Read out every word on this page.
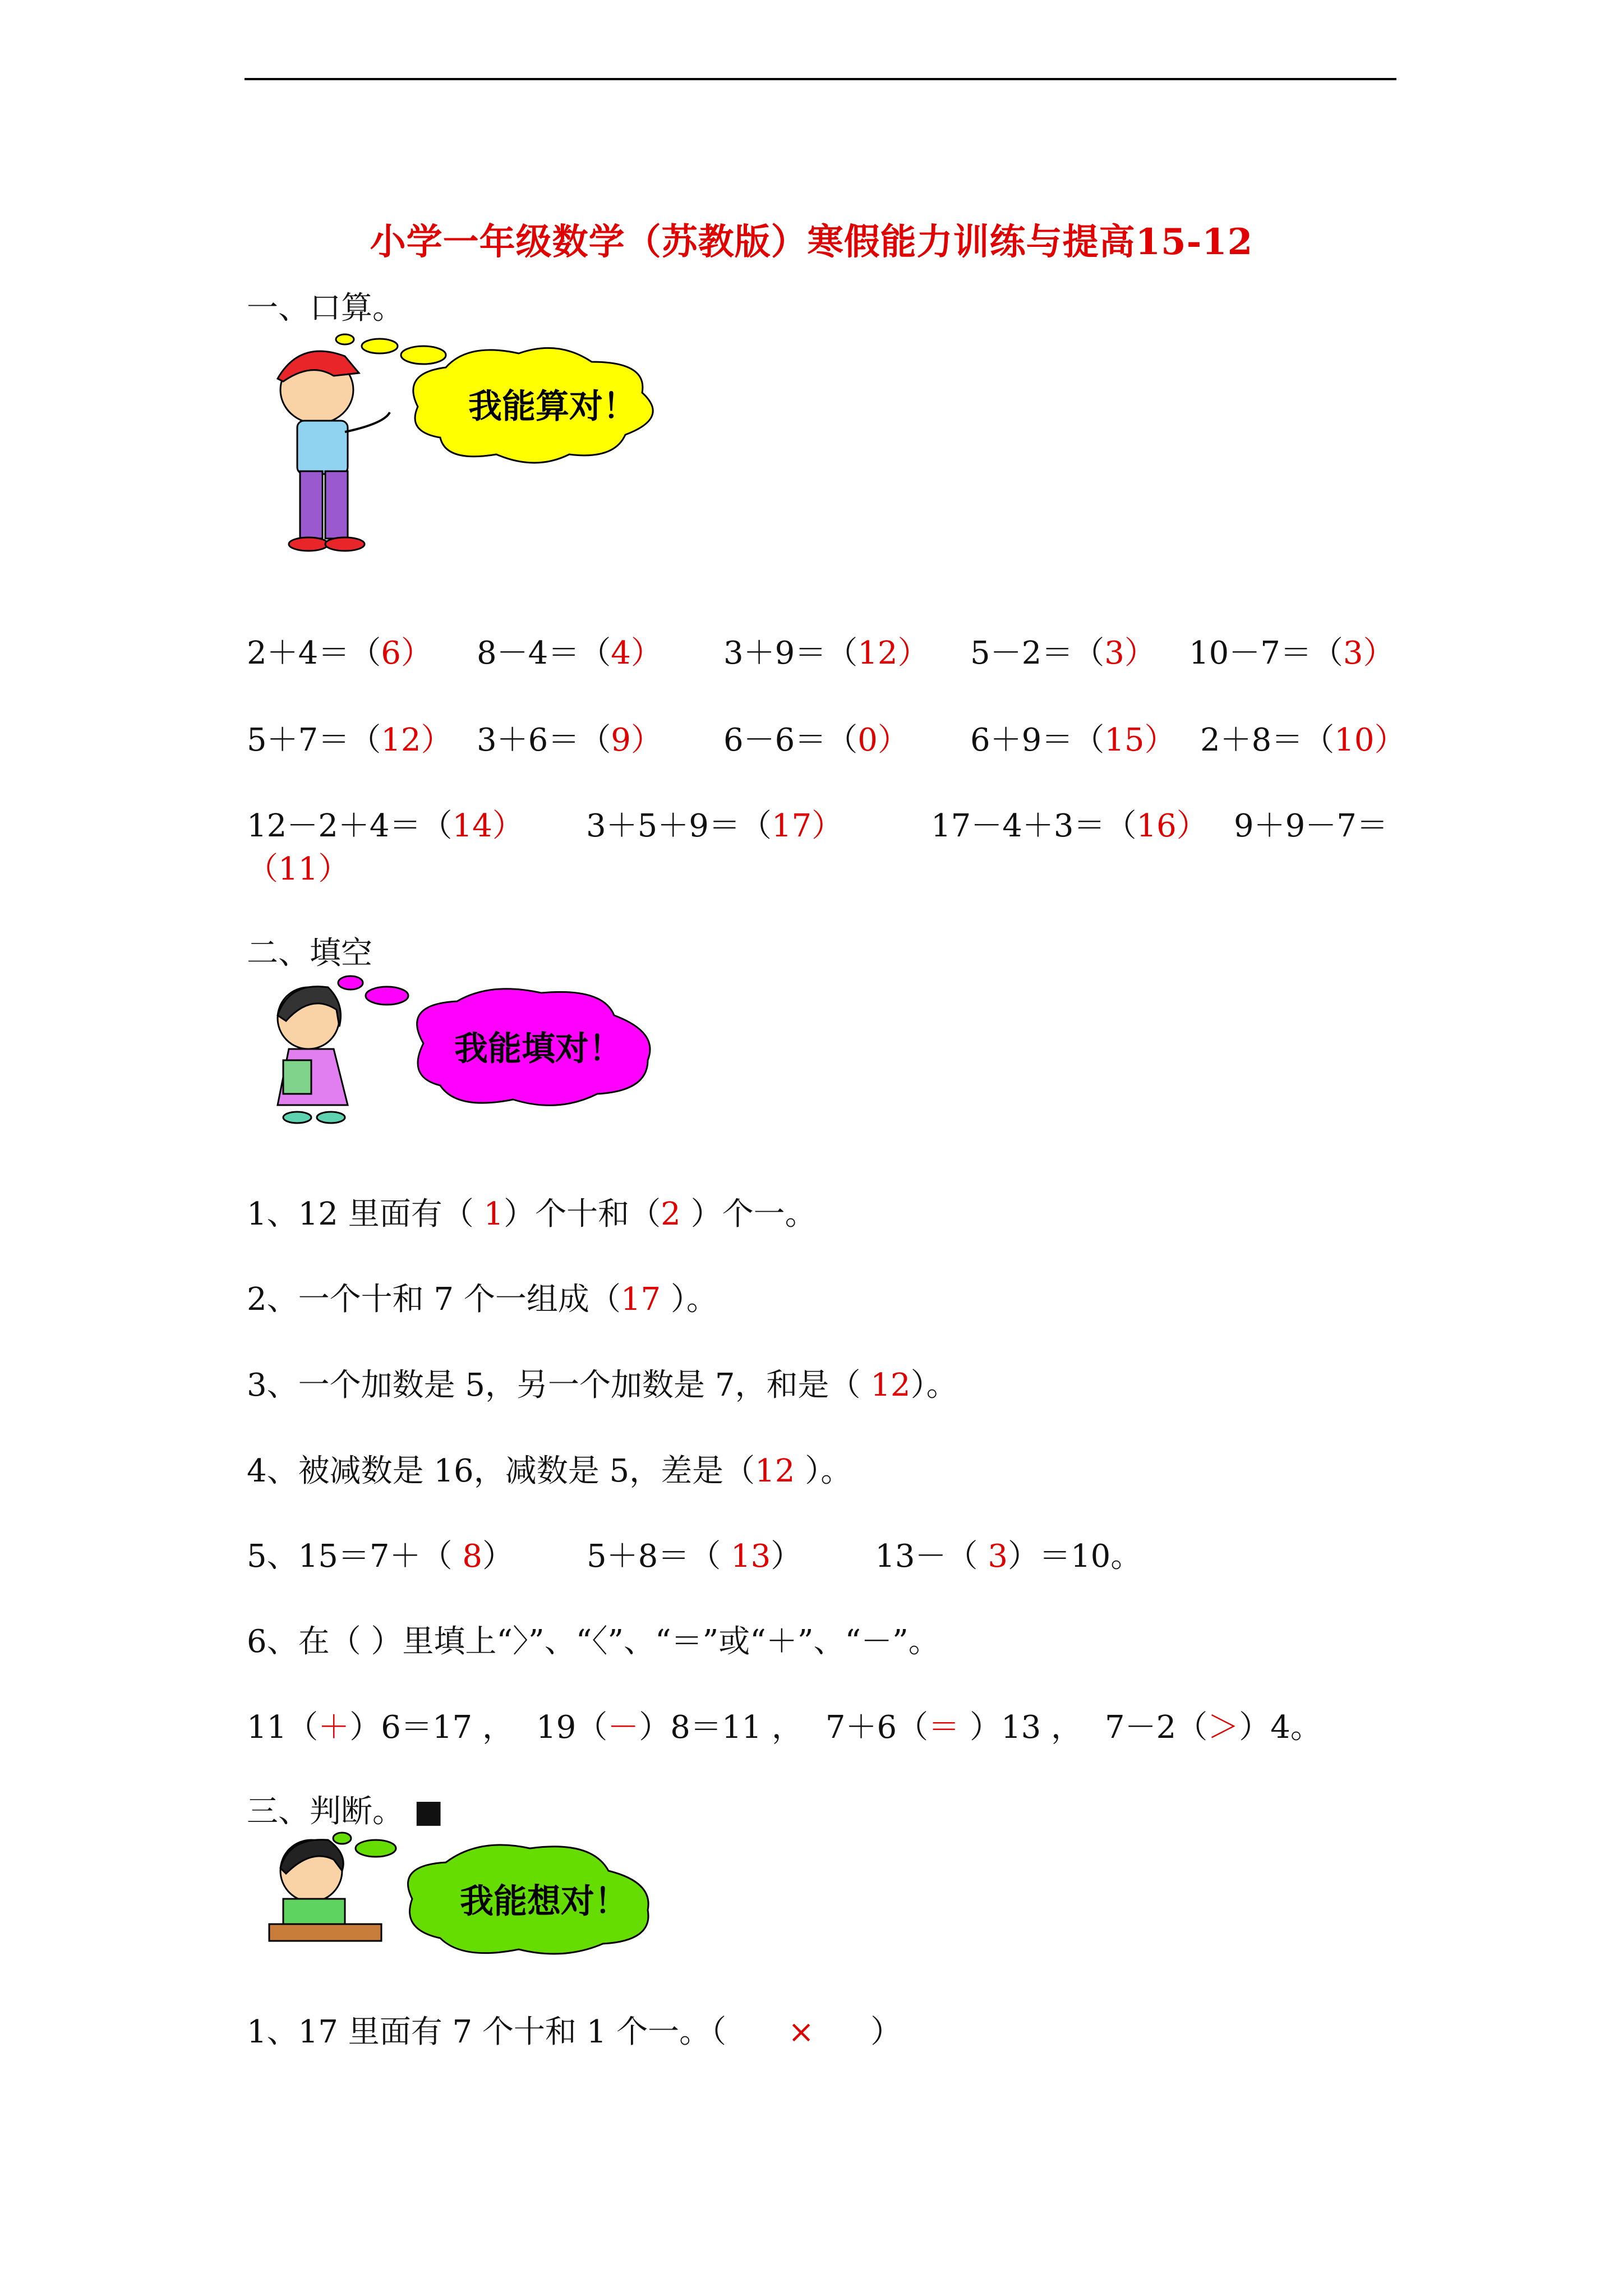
小学一年级数学（苏教版）寒假能力训练与提高15-12
一、口算。
我能算对！
2＋4＝（6） 8－4＝（4） 3＋9＝（12） 5－2＝（3） 10－7＝（3）
5＋7＝（12） 3＋6＝（9） 6－6＝（0） 6＋9＝（15） 2＋8＝（10）
12－2＋4＝（14） 3＋5＋9＝（17）	17－4＋3＝（16） 9＋9－7＝
（11）
二、填空
我能填对！
1、12 里面有（ 1）个十和（2 ）个一。
2、一个十和 7 个一组成（17 ）。
3、一个加数是 5，另一个加数是 7，和是（ 12）。
4、被减数是 16，减数是 5，差是（12 ）。
5、15＝7＋（ 8） 5＋8＝（ 13） 13－（ 3）＝10。
6、在（ ）里填上“〉”、“〈”、“＝”或“＋”、“－”。
11（＋）6＝17 ， 19（－）8＝11 ， 7＋6（＝ ）13 ， 7－2（＞）4。
三、判断。 ■
我能想对！
1、17 里面有 7 个十和 1 个一。（ × ）
